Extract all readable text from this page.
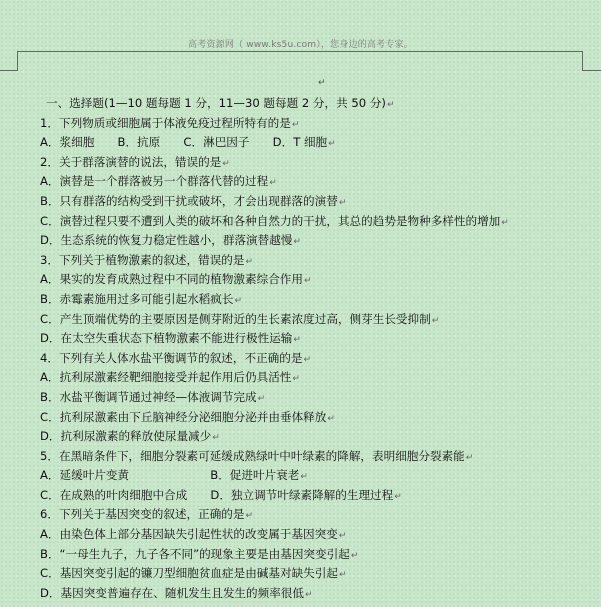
高考资源网（ www.ks5u.com），您身边的高考专家。
↵
一、选择题(1—10 题每题 1 分，11—30 题每题 2 分，共 50 分)↵
1．下列物质或细胞属于体液免疫过程所特有的是↵
A．浆细胞　　B．抗原　　C．淋巴因子　　D．T 细胞↵
2．关于群落演替的说法，错误的是↵
A．演替是一个群落被另一个群落代替的过程↵
B．只有群落的结构受到干扰或破坏，才会出现群落的演替↵
C．演替过程只要不遭到人类的破坏和各种自然力的干扰，其总的趋势是物种多样性的增加↵
D．生态系统的恢复力稳定性越小，群落演替越慢↵
3．下列关于植物激素的叙述，错误的是↵
A．果实的发育成熟过程中不同的植物激素综合作用↵
B．赤霉素施用过多可能引起水稻疯长↵
C．产生顶端优势的主要原因是侧芽附近的生长素浓度过高，侧芽生长受抑制↵
D．在太空失重状态下植物激素不能进行极性运输↵
4．下列有关人体水盐平衡调节的叙述，不正确的是↵
A．抗利尿激素经靶细胞接受并起作用后仍具活性↵
B．水盐平衡调节通过神经—体液调节完成↵
C．抗利尿激素由下丘脑神经分泌细胞分泌并由垂体释放↵
D．抗利尿激素的释放使尿量减少↵
5．在黑暗条件下，细胞分裂素可延缓成熟绿叶中叶绿素的降解，表明细胞分裂素能↵
A．延缓叶片变黄　　　　　　　B．促进叶片衰老↵
C．在成熟的叶肉细胞中合成　　D．独立调节叶绿素降解的生理过程↵
6．下列关于基因突变的叙述，正确的是↵
A．由染色体上部分基因缺失引起性状的改变属于基因突变↵
B．“一母生九子，九子各不同”的现象主要是由基因突变引起↵
C．基因突变引起的镰刀型细胞贫血症是由碱基对缺失引起↵
D．基因突变普遍存在、随机发生且发生的频率很低↵
